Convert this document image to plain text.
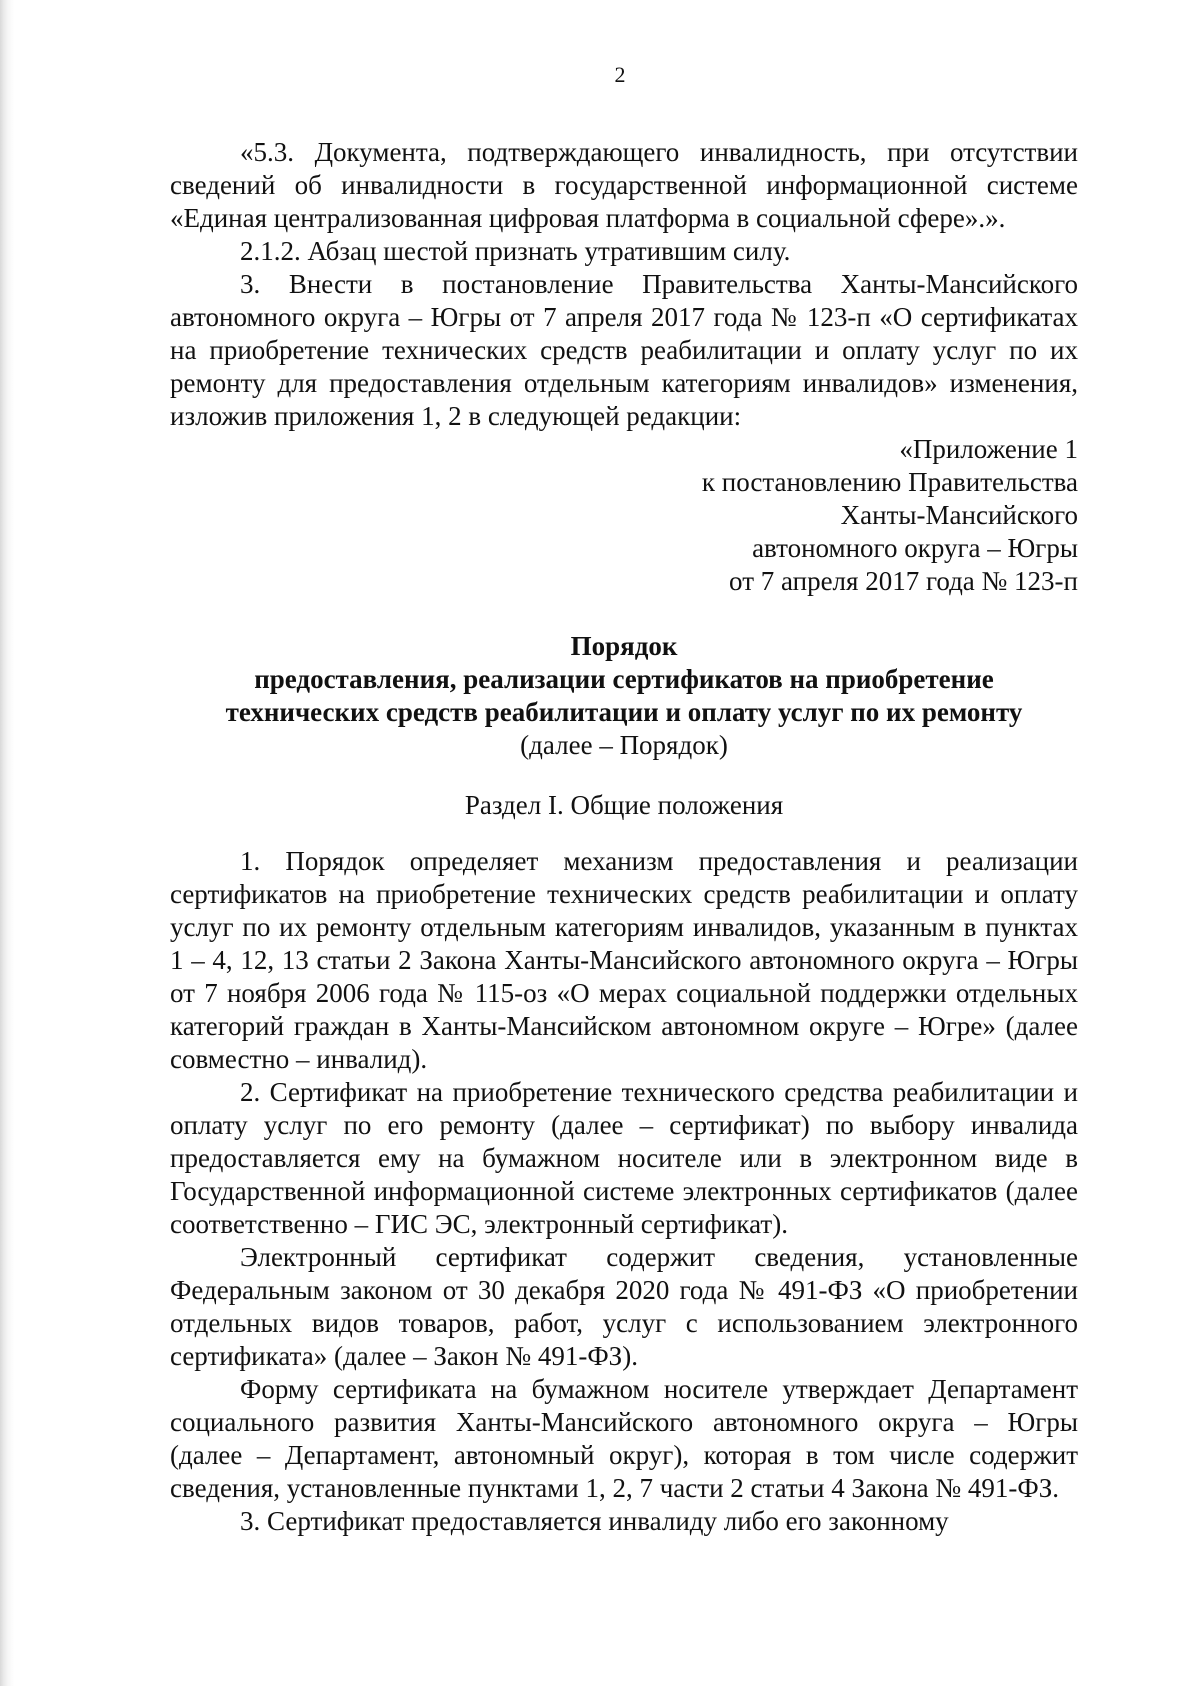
2

«5.3. Документа, подтверждающего инвалидность, при отсутствии сведений об инвалидности в государственной информационной системе «Единая централизованная цифровая платформа в социальной сфере».».

2.1.2. Абзац шестой признать утратившим силу.

3. Внести в постановление Правительства Ханты-Мансийского автономного округа – Югры от 7 апреля 2017 года № 123-п «О сертификатах на приобретение технических средств реабилитации и оплату услуг по их ремонту для предоставления отдельным категориям инвалидов» изменения, изложив приложения 1, 2 в следующей редакции:

«Приложение 1

к постановлению Правительства

Ханты-Мансийского

автономного округа – Югры

от 7 апреля 2017 года № 123-п

Порядок

предоставления, реализации сертификатов на приобретение

технических средств реабилитации и оплату услуг по их ремонту

(далее – Порядок)

Раздел I. Общие положения

1. Порядок определяет механизм предоставления и реализации сертификатов на приобретение технических средств реабилитации и оплату услуг по их ремонту отдельным категориям инвалидов, указанным в пунктах 1 – 4, 12, 13 статьи 2 Закона Ханты-Мансийского автономного округа – Югры от 7 ноября 2006 года № 115-оз «О мерах социальной поддержки отдельных категорий граждан в Ханты-Мансийском автономном округе – Югре» (далее совместно – инвалид).

2. Сертификат на приобретение технического средства реабилитации и оплату услуг по его ремонту (далее – сертификат) по выбору инвалида предоставляется ему на бумажном носителе или в электронном виде в Государственной информационной системе электронных сертификатов (далее соответственно – ГИС ЭС, электронный сертификат).

Электронный сертификат содержит сведения, установленные Федеральным законом от 30 декабря 2020 года № 491-ФЗ «О приобретении отдельных видов товаров, работ, услуг с использованием электронного сертификата» (далее – Закон № 491-ФЗ).

Форму сертификата на бумажном носителе утверждает Департамент социального развития Ханты-Мансийского автономного округа – Югры (далее – Департамент, автономный округ), которая в том числе содержит сведения, установленные пунктами 1, 2, 7 части 2 статьи 4 Закона № 491-ФЗ.

3. Сертификат предоставляется инвалиду либо его законному
